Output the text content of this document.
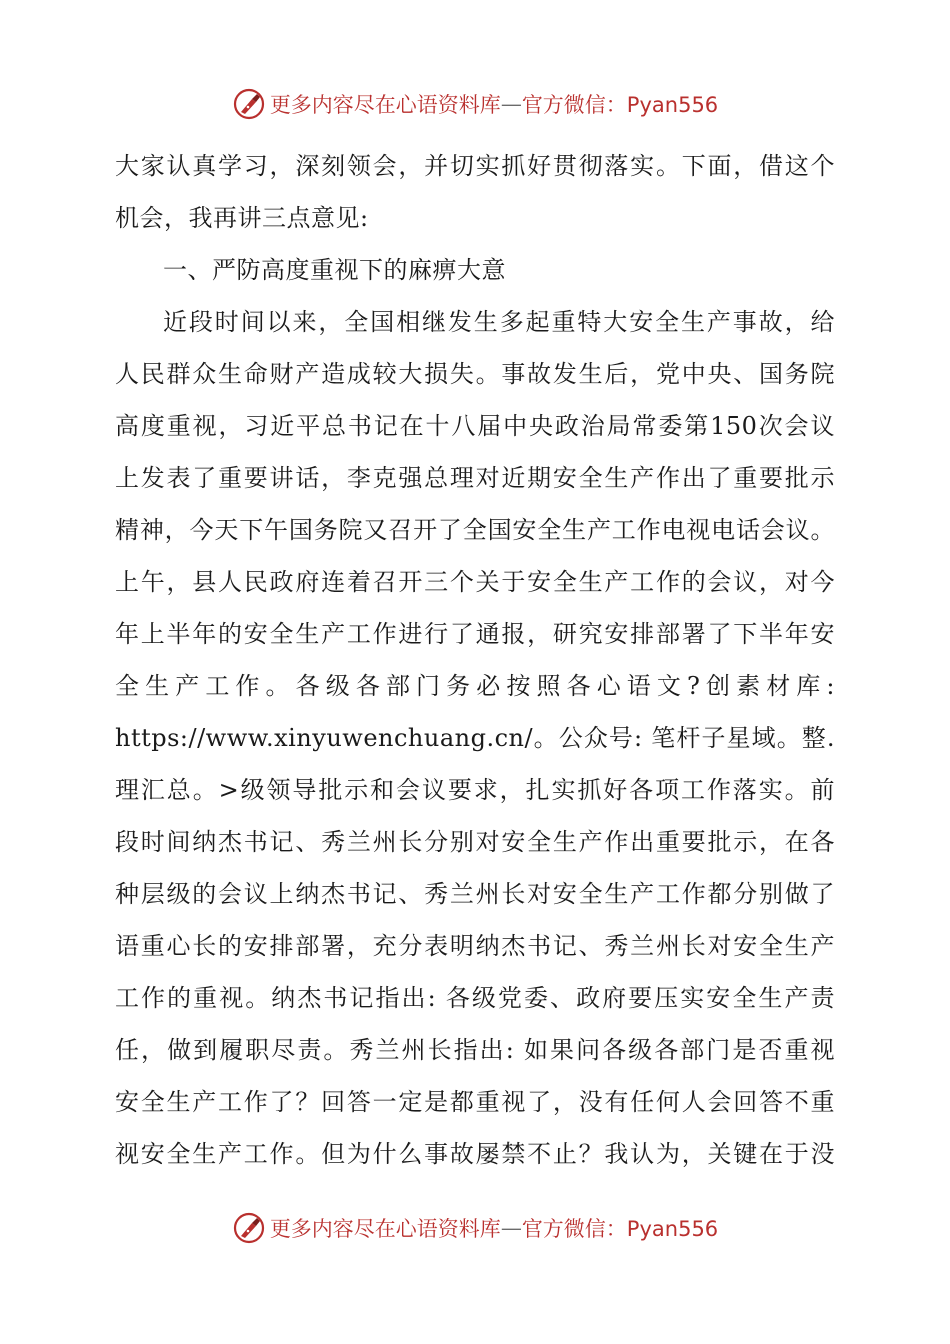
更多内容尽在心语资料库 — 官方微信：Pyan556
大家认真学习，深刻领会，并切实抓好贯彻落实。下面，借这个
机会，我再讲三点意见:
一、严防高度重视下的麻痹大意
近段时间以来，全国相继发生多起重特大安全生产事故，给
人民群众生命财产造成较大损失。事故发生后，党中央、国务院
高度重视，习近平总书记在十八届中央政治局常委第150次会议
上发表了重要讲话，李克强总理对近期安全生产作出了重要批示
精神，今天下午国务院又召开了全国安全生产工作电视电话会议。
上午，县人民政府连着召开三个关于安全生产工作的会议，对今
年上半年的安全生产工作进行了通报，研究安排部署了下半年安
全生产工作。各级各部门务必按照各心语文?创素材库:
https://www.xinyuwenchuang.cn/。公众号: 笔杆子星域。整.
理汇总。>级领导批示和会议要求，扎实抓好各项工作落实。前
段时间纳杰书记、秀兰州长分别对安全生产作出重要批示，在各
种层级的会议上纳杰书记、秀兰州长对安全生产工作都分别做了
语重心长的安排部署，充分表明纳杰书记、秀兰州长对安全生产
工作的重视。纳杰书记指出: 各级党委、政府要压实安全生产责
任，做到履职尽责。秀兰州长指出: 如果问各级各部门是否重视
安全生产工作了？回答一定是都重视了，没有任何人会回答不重
视安全生产工作。但为什么事故屡禁不止？我认为，关键在于没
更多内容尽在心语资料库 — 官方微信：Pyan556
